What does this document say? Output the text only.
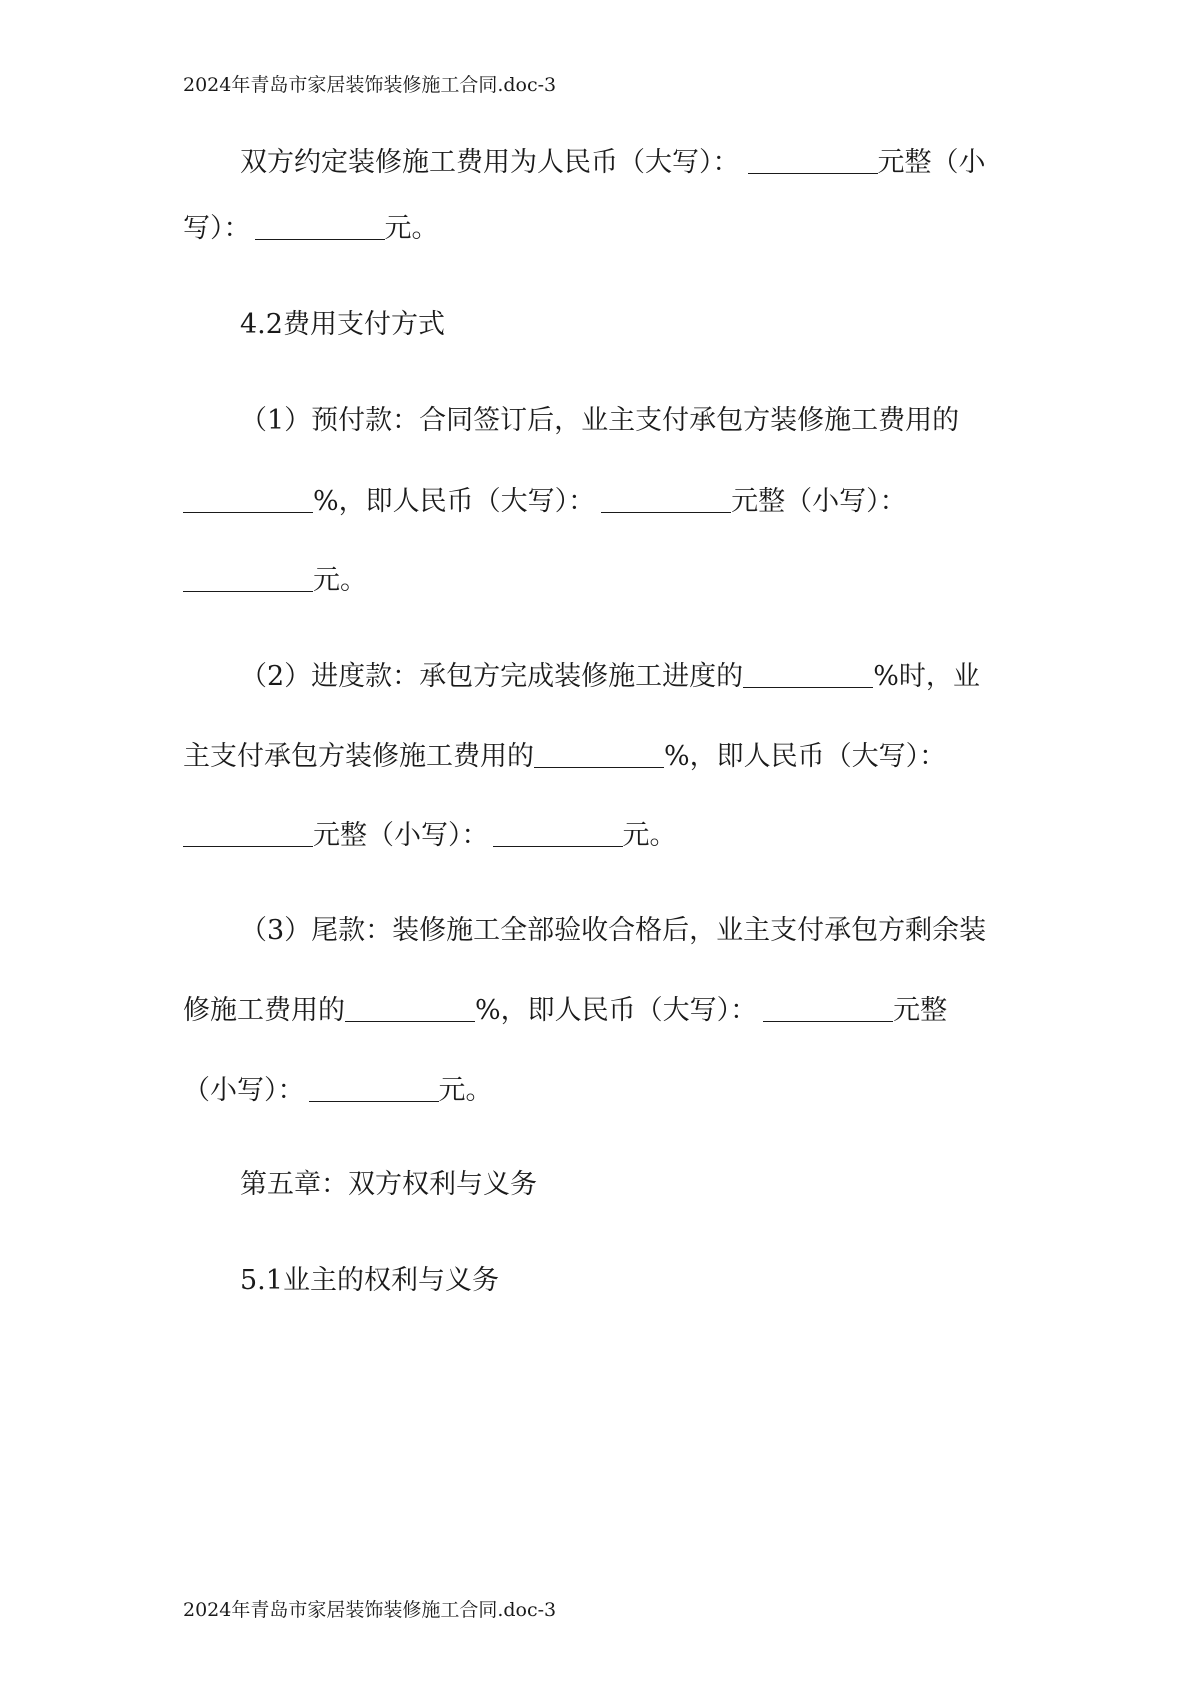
2024年青岛市家居装饰装修施工合同.doc-3
双方约定装修施工费用为人民币（大写）：	元整（小
写）：	元。
4.2费用支付方式
（1）预付款：合同签订后，业主支付承包方装修施工费用的
%，即人民币（大写）：	元整（小写）：
元。
（2）进度款：承包方完成装修施工进度的	%时，业
主支付承包方装修施工费用的	%，即人民币（大写）：
元整（小写）：	元。
（3）尾款：装修施工全部验收合格后，业主支付承包方剩余装
修施工费用的	%，即人民币（大写）：	元整
（小写）：	元。
第五章：双方权利与义务
5.1业主的权利与义务
2024年青岛市家居装饰装修施工合同.doc-3
